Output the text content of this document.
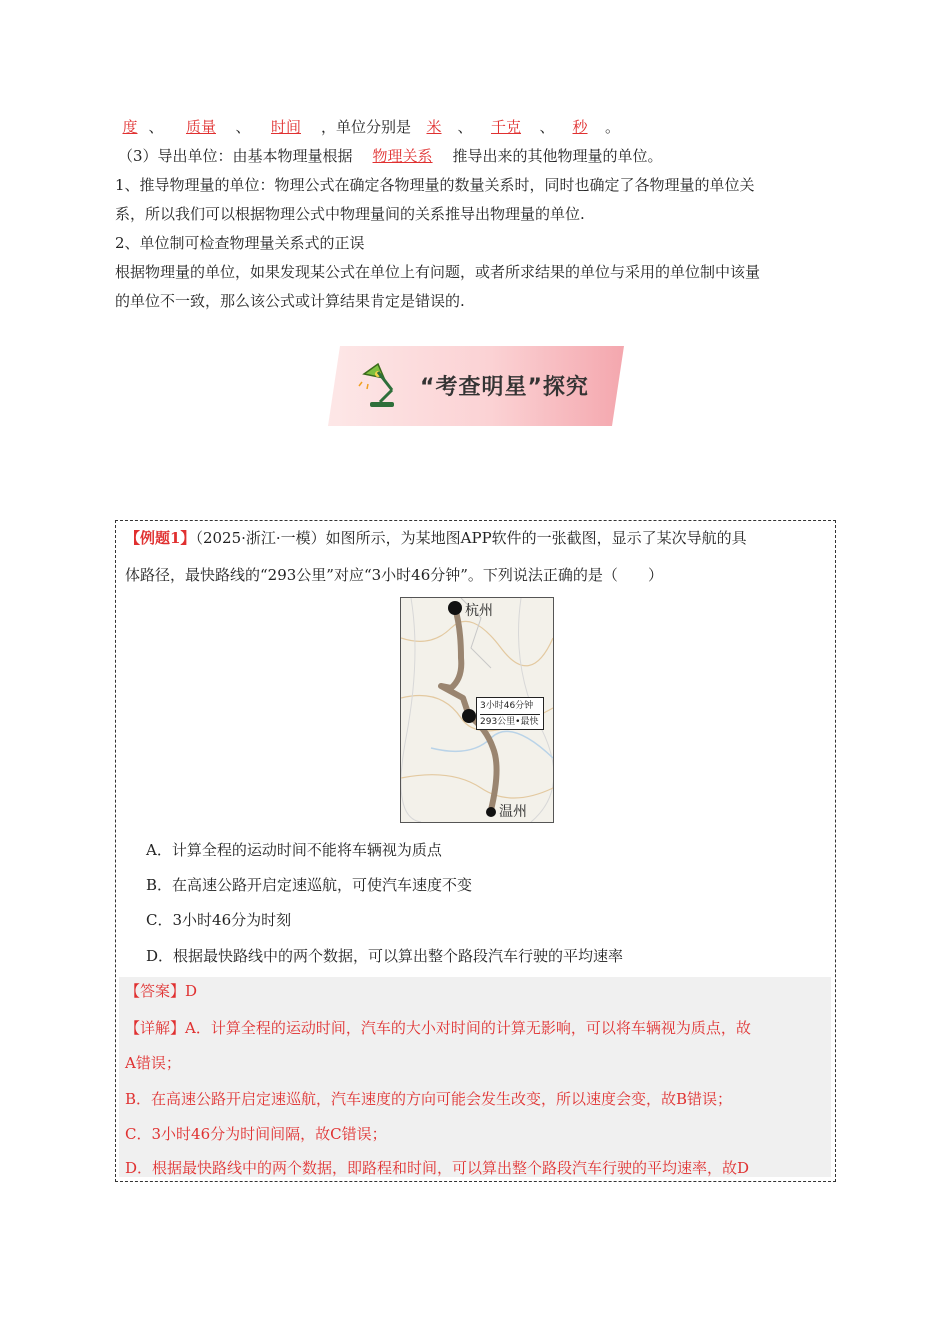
度 、 质量 、 时间 ，单位分别是 米 、 千克 、 秒 。
（3）导出单位：由基本物理量根据 物理关系 推导出来的其他物理量的单位。
1、推导物理量的单位：物理公式在确定各物理量的数量关系时，同时也确定了各物理量的单位关
系，所以我们可以根据物理公式中物理量间的关系推导出物理量的单位.
2、单位制可检查物理量关系式的正误
根据物理量的单位，如果发现某公式在单位上有问题，或者所求结果的单位与采用的单位制中该量
的单位不一致，那么该公式或计算结果肯定是错误的.
“考查明星”探究
【例题1】（2025·浙江·一模）如图所示，为某地图APP软件的一张截图，显示了某次导航的具
体路径，最快路线的“293公里”对应“3小时46分钟”。下列说法正确的是（　　）
杭州
温州
3小时46分钟
293公里•最快
A．计算全程的运动时间不能将车辆视为质点
B．在高速公路开启定速巡航，可使汽车速度不变
C．3小时46分为时刻
D．根据最快路线中的两个数据，可以算出整个路段汽车行驶的平均速率
【答案】D
【详解】A．计算全程的运动时间，汽车的大小对时间的计算无影响，可以将车辆视为质点，故
A错误；
B．在高速公路开启定速巡航，汽车速度的方向可能会发生改变，所以速度会变，故B错误；
C．3小时46分为时间间隔，故C错误；
D．根据最快路线中的两个数据，即路程和时间，可以算出整个路段汽车行驶的平均速率，故D
